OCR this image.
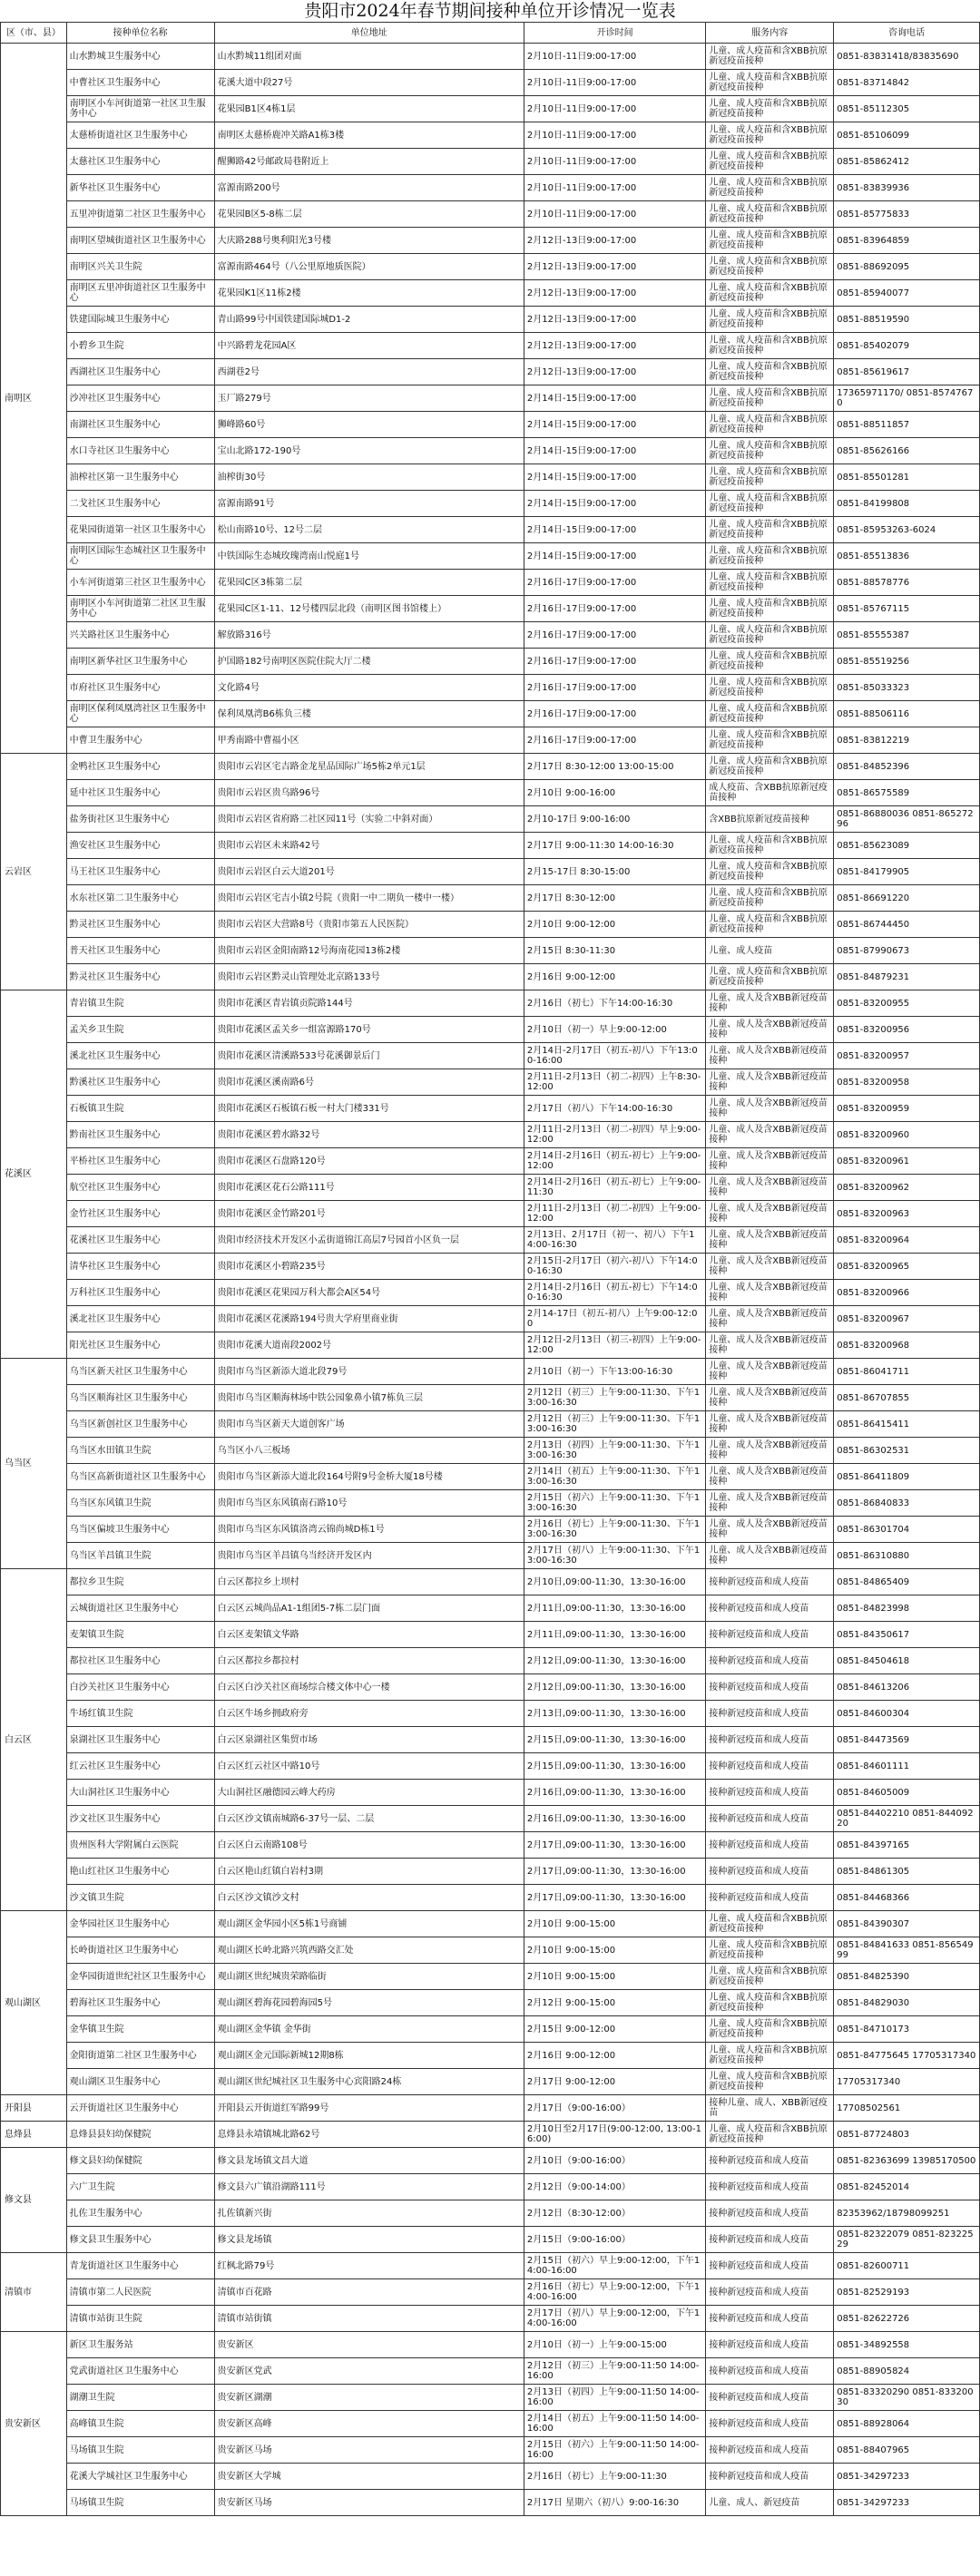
贵阳市2024年春节期间接种单位开诊情况一览表
区（市、县）	接种单位名称	单位地址	开诊时间	服务内容	咨询电话
南明区	山水黔城卫生服务中心	山水黔城11组团对面	2月10日-11日9:00-17:00	儿童、成人疫苗和含XBB抗原新冠疫苗接种	0851-83831418/83835690
	中曹社区卫生服务中心	花溪大道中段27号	2月10日-11日9:00-17:00	儿童、成人疫苗和含XBB抗原新冠疫苗接种	0851-83714842
	南明区小车河街道第一社区卫生服务中心	花果园B1区4栋1层	2月10日-11日9:00-17:00	儿童、成人疫苗和含XBB抗原新冠疫苗接种	0851-85112305
	太慈桥街道社区卫生服务中心	南明区太慈桥鹿冲关路A1栋3楼	2月10日-11日9:00-17:00	儿童、成人疫苗和含XBB抗原新冠疫苗接种	0851-85106099
	太慈社区卫生服务中心	醒狮路42号邮政局巷附近上	2月10日-11日9:00-17:00	儿童、成人疫苗和含XBB抗原新冠疫苗接种	0851-85862412
	新华社区卫生服务中心	富源南路200号	2月10日-11日9:00-17:00	儿童、成人疫苗和含XBB抗原新冠疫苗接种	0851-83839936
	五里冲街道第二社区卫生服务中心	花果园B区5-8栋二层	2月10日-11日9:00-17:00	儿童、成人疫苗和含XBB抗原新冠疫苗接种	0851-85775833
	南明区望城街道社区卫生服务中心	大庆路288号奥利阳光3号楼	2月12日-13日9:00-17:00	儿童、成人疫苗和含XBB抗原新冠疫苗接种	0851-83964859
	南明区兴关卫生院	富源南路464号（八公里原地质医院）	2月12日-13日9:00-17:00	儿童、成人疫苗和含XBB抗原新冠疫苗接种	0851-88692095
	南明区五里冲街道社区卫生服务中心	花果园K1区11栋2楼	2月12日-13日9:00-17:00	儿童、成人疫苗和含XBB抗原新冠疫苗接种	0851-85940077
	铁建国际城卫生服务中心	青山路99号中国铁建国际城D1-2	2月12日-13日9:00-17:00	儿童、成人疫苗和含XBB抗原新冠疫苗接种	0851-88519590
	小碧乡卫生院	中兴路碧龙花园A区	2月12日-13日9:00-17:00	儿童、成人疫苗和含XBB抗原新冠疫苗接种	0851-85402079
	西湖社区卫生服务中心	西湖巷2号	2月12日-13日9:00-17:00	儿童、成人疫苗和含XBB抗原新冠疫苗接种	0851-85619617
	沙冲社区卫生服务中心	玉厂路279号	2月14日-15日9:00-17:00	儿童、成人疫苗和含XBB抗原新冠疫苗接种	17365971170/ 0851-85747670
	南湖社区卫生服务中心	狮峰路60号	2月14日-15日9:00-17:00	儿童、成人疫苗和含XBB抗原新冠疫苗接种	0851-88511857
	水口寺社区卫生服务中心	宝山北路172-190号	2月14日-15日9:00-17:00	儿童、成人疫苗和含XBB抗原新冠疫苗接种	0851-85626166
	油榨社区第一卫生服务中心	油榨街30号	2月14日-15日9:00-17:00	儿童、成人疫苗和含XBB抗原新冠疫苗接种	0851-85501281
	二戈社区卫生服务中心	富源南路91号	2月14日-15日9:00-17:00	儿童、成人疫苗和含XBB抗原新冠疫苗接种	0851-84199808
	花果园街道第一社区卫生服务中心	松山南路10号、12号二层	2月14日-15日9:00-17:00	儿童、成人疫苗和含XBB抗原新冠疫苗接种	0851-85953263-6024
	南明区国际生态城社区卫生服务中心	中铁国际生态城玫瑰湾南山悦庭1号	2月14日-15日9:00-17:00	儿童、成人疫苗和含XBB抗原新冠疫苗接种	0851-85513836
	小车河街道第三社区卫生服务中心	花果园C区3栋第二层	2月16日-17日9:00-17:00	儿童、成人疫苗和含XBB抗原新冠疫苗接种	0851-88578776
	南明区小车河街道第二社区卫生服务中心	花果园C区1-11、12号楼四层北段（南明区图书馆楼上）	2月16日-17日9:00-17:00	儿童、成人疫苗和含XBB抗原新冠疫苗接种	0851-85767115
	兴关路社区卫生服务中心	解放路316号	2月16日-17日9:00-17:00	儿童、成人疫苗和含XBB抗原新冠疫苗接种	0851-85555387
	南明区新华社区卫生服务中心	护国路182号南明区医院住院大厅二楼	2月16日-17日9:00-17:00	儿童、成人疫苗和含XBB抗原新冠疫苗接种	0851-85519256
	市府社区卫生服务中心	文化路4号	2月16日-17日9:00-17:00	儿童、成人疫苗和含XBB抗原新冠疫苗接种	0851-85033323
	南明区保利凤凰湾社区卫生服务中心	保利凤凰湾B6栋负三楼	2月16日-17日9:00-17:00	儿童、成人疫苗和含XBB抗原新冠疫苗接种	0851-88506116
	中曹卫生服务中心	甲秀南路中曹福小区	2月16日-17日9:00-17:00	儿童、成人疫苗和含XBB抗原新冠疫苗接种	0851-83812219
云岩区	金鸭社区卫生服务中心	贵阳市云岩区宅吉路金龙星品国际广场5栋2单元1层	2月17日 8:30-12:00 13:00-15:00	儿童、成人疫苗和含XBB抗原新冠疫苗接种	0851-84852396
	延中社区卫生服务中心	贵阳市云岩区贵乌路96号	2月10日 9:00-16:00	成人疫苗、含XBB抗原新冠疫苗接种	0851-86575589
	盐务街社区卫生服务中心	贵阳市云岩区省府路二社区园11号（实验二中斜对面）	2月10-17日 9:00-16:00	含XBB抗原新冠疫苗接种	0851-86880036 0851-86527296
	渔安社区卫生服务中心	贵阳市云岩区未来路42号	2月17日 9:00-11:30 14:00-16:30	儿童、成人疫苗和含XBB抗原新冠疫苗接种	0851-85623089
	马王社区卫生服务中心	贵阳市云岩区白云大道201号	2月15-17日 8:30-15:00	儿童、成人疫苗和含XBB抗原新冠疫苗接种	0851-84179905
	水东社区第二卫生服务中心	贵阳市云岩区宅吉小镇2号院（贵阳一中二期负一楼中一楼）	2月17日 8:30-12:00	儿童、成人疫苗和含XBB抗原新冠疫苗接种	0851-86691220
	黔灵社区卫生服务中心	贵阳市云岩区大营路8号（贵阳市第五人民医院）	2月10日 9:00-12:00	儿童、成人疫苗和含XBB抗原新冠疫苗接种	0851-86744450
	普天社区卫生服务中心	贵阳市云岩区金阳南路12号海南花园13栋2楼	2月15日 8:30-11:30	儿童、成人疫苗	0851-87990673
	黔灵社区卫生服务中心	贵阳市云岩区黔灵山管理处北京路133号	2月16日 9:00-12:00	儿童、成人疫苗和含XBB抗原新冠疫苗接种	0851-84879231
花溪区	青岩镇卫生院	贵阳市花溪区青岩镇贡院路144号	2月16日（初七）下午14:00-16:30	儿童、成人及含XBB新冠疫苗接种	0851-83200955
	孟关乡卫生院	贵阳市花溪区孟关乡一组富源路170号	2月10日（初一）早上9:00-12:00	儿童、成人及含XBB新冠疫苗接种	0851-83200956
	溪北社区卫生服务中心	贵阳市花溪区清溪路533号花溪御景后门	2月14日-2月17日（初五-初八）下午13:00-16:00	儿童、成人及含XBB新冠疫苗接种	0851-83200957
	黔溪社区卫生服务中心	贵阳市花溪区溪南路6号	2月11日-2月13日（初二-初四）上午8:30-12:00	儿童、成人及含XBB新冠疫苗接种	0851-83200958
	石板镇卫生院	贵阳市花溪区石板镇石板一村大门楼331号	2月17日（初八）下午14:00-16:30	儿童、成人及含XBB新冠疫苗接种	0851-83200959
	黔南社区卫生服务中心	贵阳市花溪区碧水路32号	2月11日-2月13日（初二-初四）早上9:00-12:00	儿童、成人及含XBB新冠疫苗接种	0851-83200960
	平桥社区卫生服务中心	贵阳市花溪区石盘路120号	2月14日-2月16日（初五-初七）上午9:00-12:00	儿童、成人及含XBB新冠疫苗接种	0851-83200961
	航空社区卫生服务中心	贵阳市花溪区花石公路111号	2月14日-2月16日（初五-初七）上午9:00-11:30	儿童、成人及含XBB新冠疫苗接种	0851-83200962
	金竹社区卫生服务中心	贵阳市花溪区金竹路201号	2月11日-2月13日（初二-初四）上午9:00-12:00	儿童、成人及含XBB新冠疫苗接种	0851-83200963
	花溪社区卫生服务中心	贵阳市经济技术开发区小孟街道锦江高层7号园首小区负一层	2月13日、2月17日（初一、初八）下午14:00-16:30	儿童、成人及含XBB新冠疫苗接种	0851-83200964
	清华社区卫生服务中心	贵阳市花溪区小碧路235号	2月15日-2月17日（初六-初八）下午14:00-16:30	儿童、成人及含XBB新冠疫苗接种	0851-83200965
	万科社区卫生服务中心	贵阳市花溪区花果园万科大都会A区54号	2月14日-2月16日（初五-初七）下午14:00-16:30	儿童、成人及含XBB新冠疫苗接种	0851-83200966
	溪北社区卫生服务中心	贵阳市花溪区花溪路194号贵大学府里商业街	2月14-17日（初五-初八）上午9:00-12:00	儿童、成人及含XBB新冠疫苗接种	0851-83200967
	阳光社区卫生服务中心	贵阳市花溪大道南段2002号	2月12日-2月13日（初三-初四）上午9:00-12:00	儿童、成人及含XBB新冠疫苗接种	0851-83200968
乌当区	乌当区新天社区卫生服务中心	贵阳市乌当区新添大道北段79号	2月10日（初一）下午13:00-16:30	儿童、成人及含XBB新冠疫苗接种	0851-86041711
	乌当区顺海社区卫生服务中心	贵阳市乌当区顺海林场中铁公园象鼻小镇7栋负三层	2月12日（初三）上午9:00-11:30、下午13:00-16:30	儿童、成人及含XBB新冠疫苗接种	0851-86707855
	乌当区新创社区卫生服务中心	贵阳市乌当区新天大道创客广场	2月12日（初三）上午9:00-11:30、下午13:00-16:30	儿童、成人及含XBB新冠疫苗接种	0851-86415411
	乌当区水田镇卫生院	乌当区小八三板场	2月13日（初四）上午9:00-11:30、下午13:00-16:30	儿童、成人及含XBB新冠疫苗接种	0851-86302531
	乌当区高新街道社区卫生服务中心	贵阳市乌当区新添大道北段164号附9号金桥大厦18号楼	2月14日（初五）上午9:00-11:30、下午13:00-16:30	儿童、成人及含XBB新冠疫苗接种	0851-86411809
	乌当区东风镇卫生院	贵阳市乌当区东风镇南石路10号	2月15日（初六）上午9:00-11:30、下午13:00-16:30	儿童、成人及含XBB新冠疫苗接种	0851-86840833
	乌当区偏坡卫生服务中心	贵阳市乌当区东风镇洛湾云锦尚城D栋1号	2月16日（初七）上午9:00-11:30、下午13:00-16:30	儿童、成人及含XBB新冠疫苗接种	0851-86301704
	乌当区羊昌镇卫生院	贵阳市乌当区羊昌镇乌当经济开发区内	2月17日（初八）上午9:00-11:30、下午13:00-16:30	儿童、成人及含XBB新冠疫苗接种	0851-86310880
白云区	都拉乡卫生院	白云区都拉乡上坝村	2月10日,09:00-11:30，13:30-16:00	接种新冠疫苗和成人疫苗	0851-84865409
	云城街道社区卫生服务中心	白云区云城尚品A1-1组团5-7栋二层门面	2月11日,09:00-11:30，13:30-16:00	接种新冠疫苗和成人疫苗	0851-84823998
	麦架镇卫生院	白云区麦架镇文华路	2月11日,09:00-11:30，13:30-16:00	接种新冠疫苗和成人疫苗	0851-84350617
	都拉社区卫生服务中心	白云区都拉乡都拉村	2月12日,09:00-11:30，13:30-16:00	接种新冠疫苗和成人疫苗	0851-84504618
	白沙关社区卫生服务中心	白云区白沙关社区商场综合楼文体中心一楼	2月12日,09:00-11:30，13:30-16:00	接种新冠疫苗和成人疫苗	0851-84613206
	牛场红镇卫生院	白云区牛场乡拥政府旁	2月13日,09:00-11:30，13:30-16:00	接种新冠疫苗和成人疫苗	0851-84600304
	泉湖社区卫生服务中心	白云区泉湖社区集贸市场	2月15日,09:00-11:30，13:30-16:00	接种新冠疫苗和成人疫苗	0851-84473569
	红云社区卫生服务中心	白云区红云社区中路10号	2月15日,09:00-11:30，13:30-16:00	接种新冠疫苗和成人疫苗	0851-84601111
	大山洞社区卫生服务中心	大山洞社区融德园云峰大药房	2月16日,09:00-11:30，13:30-16:00	接种新冠疫苗和成人疫苗	0851-84605009
	沙文社区卫生服务中心	白云区沙文镇南城路6-37号一层、二层	2月16日,09:00-11:30，13:30-16:00	接种新冠疫苗和成人疫苗	0851-84402210 0851-84409220
	贵州医科大学附属白云医院	白云区白云南路108号	2月17日,09:00-11:30，13:30-16:00	接种新冠疫苗和成人疫苗	0851-84397165
	艳山红社区卫生服务中心	白云区艳山红镇白岩村3期	2月17日,09:00-11:30，13:30-16:00	接种新冠疫苗和成人疫苗	0851-84861305
	沙文镇卫生院	白云区沙文镇沙文村	2月17日,09:00-11:30，13:30-16:00	接种新冠疫苗和成人疫苗	0851-84468366
观山湖区	金华园社区卫生服务中心	观山湖区金华园小区5栋1号商铺	2月10日 9:00-15:00	儿童、成人疫苗和含XBB抗原新冠疫苗接种	0851-84390307
	长岭街道社区卫生服务中心	观山湖区长岭北路兴筑西路交汇处	2月10日 9:00-15:00	儿童、成人疫苗和含XBB抗原新冠疫苗接种	0851-84841633 0851-85654999
	金华园街道世纪社区卫生服务中心	观山湖区世纪城贵荣路临街	2月10日 9:00-15:00	儿童、成人疫苗和含XBB抗原新冠疫苗接种	0851-84825390
	碧海社区卫生服务中心	观山湖区碧海花园碧海园5号	2月12日 9:00-15:00	儿童、成人疫苗和含XBB抗原新冠疫苗接种	0851-84829030
	金华镇卫生院	观山湖区金华镇 金华街	2月15日 9:00-12:00	儿童、成人疫苗和含XBB抗原新冠疫苗接种	0851-84710173
	金阳街道第二社区卫生服务中心	观山湖区金元国际新城12期8栋	2月16日 9:00-12:00	儿童、成人疫苗和含XBB抗原新冠疫苗接种	0851-84775645 17705317340
	观山湖区卫生服务中心	观山湖区世纪城社区卫生服务中心宾阳路24栋	2月17日 9:00-12:00	儿童、成人疫苗和含XBB抗原新冠疫苗接种	17705317340
开阳县	云开街道社区卫生服务中心	开阳县云开街道红军路99号	2月17日（9:00-16:00）	接种儿童、成人、XBB新冠疫苗	17708502561
息烽县	息烽县县妇幼保健院	息烽县永靖镇城北路62号	2月10日至2月17日(9:00-12:00, 13:00-16:00)	儿童、成人疫苗和含XBB抗原新冠疫苗接种	0851-87724803
修文县	修文县妇幼保健院	修文县龙场镇文昌大道	2月10日（9:00-16:00）	接种新冠疫苗和成人疫苗	0851-82363699 13985170500
	六广卫生院	修文县六广镇沿湖路111号	2月12日（9:00-14:00）	接种新冠疫苗和成人疫苗	0851-82452014
	扎佐卫生服务中心	扎佐镇新兴街	2月12日（8:30-12:00）	接种新冠疫苗和成人疫苗	82353962/18798099251
	修文县卫生服务中心	修文县龙场镇	2月15日（9:00-16:00）	接种新冠疫苗和成人疫苗	0851-82322079 0851-82322529
清镇市	青龙街道社区卫生服务中心	红枫北路79号	2月15日（初六）早上9:00-12:00，下午14:00-16:00	接种新冠疫苗和成人疫苗	0851-82600711
	清镇市第二人民医院	清镇市百花路	2月16日（初七）早上9:00-12:00，下午14:00-16:00	接种新冠疫苗和成人疫苗	0851-82529193
	清镇市站街卫生院	清镇市站街镇	2月17日（初八）早上9:00-12:00，下午14:00-16:00	接种新冠疫苗和成人疫苗	0851-82622726
贵安新区	新区卫生服务站	贵安新区	2月10日（初一）上午9:00-15:00	接种新冠疫苗和成人疫苗	0851-34892558
	党武街道社区卫生服务中心	贵安新区党武	2月12日（初三）上午9:00-11:50 14:00-16:00	接种新冠疫苗和成人疫苗	0851-88905824
	湖潮卫生院	贵安新区湖潮	2月13日（初四）上午9:00-11:50 14:00-16:00	接种新冠疫苗和成人疫苗	0851-83320290 0851-83320030
	高峰镇卫生院	贵安新区高峰	2月14日（初五）上午9:00-11:50 14:00-16:00	接种新冠疫苗和成人疫苗	0851-88928064
	马场镇卫生院	贵安新区马场	2月15日（初六）上午9:00-11:50 14:00-16:00	接种新冠疫苗和成人疫苗	0851-88407965
	花溪大学城社区卫生服务中心	贵安新区大学城	2月16日（初七）上午9:00-11:30	接种新冠疫苗和成人疫苗	0851-34297233
	马场镇卫生院	贵安新区马场	2月17日 星期六（初八）9:00-16:30	儿童、成人、新冠疫苗	0851-34297233
